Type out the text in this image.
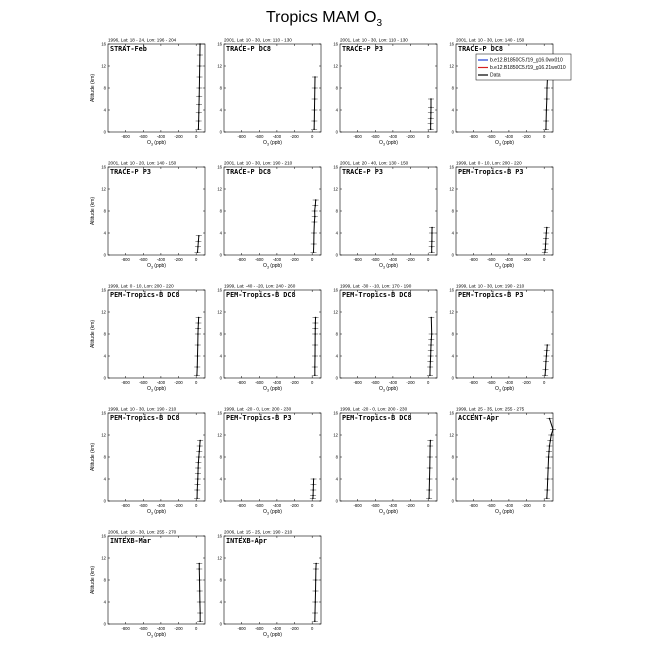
Tropics MAM $O_3$
1996, Lat: 18 - 24, Lon: 196 - 204
STRAT-Feb
-800 -600 -400 -200	0
0
4
8
12
16
$O_3$ (ppb)
Altitude (km)
2001, Lat: 10 - 30, Lon: 110 - 130
TRACE-P DC8
-800 -600 -400 -200	0
0
4
8
12
16
$O_3$ (ppb)
2001, Lat: 10 - 30, Lon: 110 - 130
TRACE-P P3
-800 -600 -400 -200	0
0
4
8
12
16
$O_3$ (ppb)
2001, Lat: 10 - 30, Lon: 140 - 150
TRACE-P DC8
-800 -600 -400 -200	0
0
4
8
12
16
$O_3$ (ppb)
b.e12.B1850C5.f19_g16.0wx010
b.e12.B1850C5.f19_g16.21wx010
Data
2001, Lat: 10 - 20, Lon: 140 - 150
TRACE-P P3
-800 -600 -400 -200	0
0
4
8
12
16
$O_3$ (ppb)
Altitude (km)
2001, Lat: 10 - 30, Lon: 190 - 210
TRACE-P DC8
-800 -600 -400 -200	0
0
4
8
12
16
$O_3$ (ppb)
2001, Lat: 20 - 40, Lon: 130 - 150
TRACE-P P3
-800 -600 -400 -200	0
0
4
8
12
16
$O_3$ (ppb)
1999, Lat: 0 - 10, Lon: 200 - 220
PEM-Tropics-B P3
-800 -600 -400 -200	0
0
4
8
12
16
$O_3$ (ppb)
1999, Lat: 0 - 10, Lon: 200 - 220
PEM-Tropics-B DC8
-800 -600 -400 -200	0
0
4
8
12
16
$O_3$ (ppb)
Altitude (km)
1999, Lat: -40 - -20, Lon: 240 - 260
PEM-Tropics-B DC8
-800 -600 -400 -200	0
0
4
8
12
16
$O_3$ (ppb)
1999, Lat: -30 - -10, Lon: 170 - 190
PEM-Tropics-B DC8
-800 -600 -400 -200	0
0
4
8
12
16
$O_3$ (ppb)
1999, Lat: 10 - 30, Lon: 190 - 210
PEM-Tropics-B P3
-800 -600 -400 -200	0
0
4
8
12
16
$O_3$ (ppb)
1999, Lat: 10 - 30, Lon: 190 - 210
PEM-Tropics-B DC8
-800 -600 -400 -200	0
0
4
8
12
16
$O_3$ (ppb)
Altitude (km)
1999, Lat: -20 - 0, Lon: 200 - 230
PEM-Tropics-B P3
-800 -600 -400 -200	0
0
4
8
12
16
$O_3$ (ppb)
1999, Lat: -20 - 0, Lon: 200 - 230
PEM-Tropics-B DC8
-800 -600 -400 -200	0
0
4
8
12
16
$O_3$ (ppb)
1999, Lat: 25 - 35, Lon: 255 - 275
ACCENT-Apr
-800 -600 -400 -200	0
0
4
8
12
16
$O_3$ (ppb)
2006, Lat: 18 - 30, Lon: 255 - 270
INTEXB-Mar
-800 -600 -400 -200	0
0
4
8
12
16
$O_3$ (ppb)
Altitude (km)
2006, Lat: 15 - 25, Lon: 190 - 210
INTEXB-Apr
-800 -600 -400 -200	0
0
4
8
12
16
$O_3$ (ppb)
